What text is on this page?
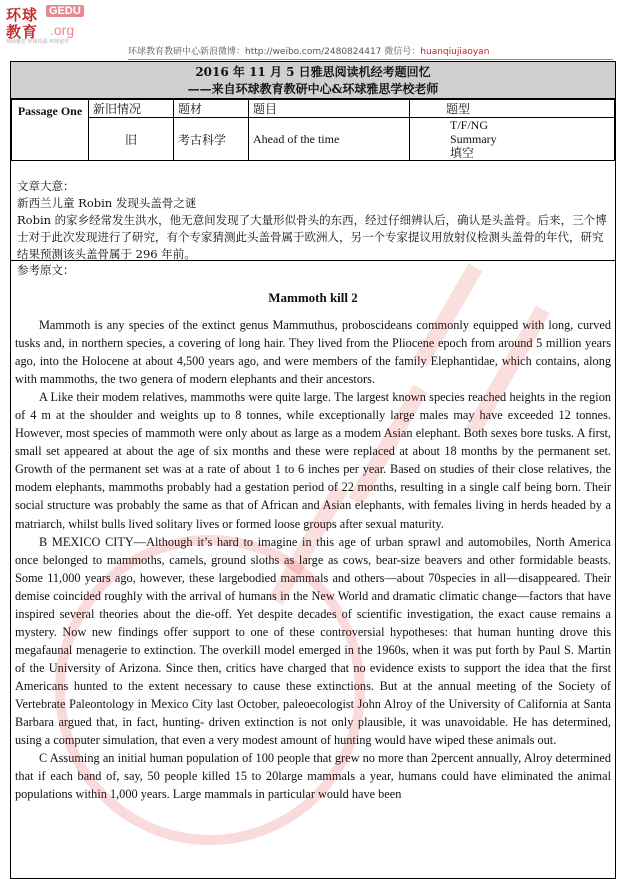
环球
教育
GEDU
.org
环球雅思 环球托福 环球留学
环球教育教研中心新浪微博：http://weibo.com/2480824417 微信号：huanqiujiaoyan
2016 年 11 月 5 日雅思阅读机经考题回忆
——来自环球教育教研中心&环球雅思学校老师
Passage One	新旧情况	题材	题目	题型
	旧	考古科学	Ahead of the time	T/F/NG
Summary
填空
文章大意：
新西兰儿童 Robin 发现头盖骨之谜
Robin 的家乡经常发生洪水，他无意间发现了大量形似骨头的东西，经过仔细辨认后，确认是头盖骨。后来，三个博士对于此次发现进行了研究，有个专家猜测此头盖骨属于欧洲人，另一个专家提议用放射仪检测头盖骨的年代，研究结果预测该头盖骨属于 296 年前。
参考原文：
Mammoth kill 2

Mammoth is any species of the extinct genus Mammuthus, proboscideans commonly equipped with long, curved tusks and, in northern species, a covering of long hair. They lived from the Pliocene epoch from around 5 million years ago, into the Holocene at about 4,500 years ago, and were members of the family Elephantidae, which contains, along with mammoths, the two genera of modern elephants and their ancestors.

A Like their modem relatives, mammoths were quite large. The largest known species reached heights in the region of 4 m at the shoulder and weights up to 8 tonnes, while exceptionally large males may have exceeded 12 tonnes. However, most species of mammoth were only about as large as a modem Asian elephant. Both sexes bore tusks. A first, small set appeared at about the age of six months and these were replaced at about 18 months by the permanent set. Growth of the permanent set was at a rate of about 1 to 6 inches per year. Based on studies of their close relatives, the modem elephants, mammoths probably had a gestation period of 22 months, resulting in a single calf being born. Their social structure was probably the same as that of African and Asian elephants, with females living in herds headed by a matriarch, whilst bulls lived solitary lives or formed loose groups after sexual maturity.

B MEXICO CITY—Although it’s hard to imagine in this age of urban sprawl and automobiles, North America once belonged to mammoths, camels, ground sloths as large as cows, bear-size beavers and other formidable beasts. Some 11,000 years ago, however, these largebodied mammals and others—about 70species in all—disappeared. Their demise coincided roughly with the arrival of humans in the New World and dramatic climatic change—factors that have inspired several theories about the die-off. Yet despite decades of scientific investigation, the exact cause remains a mystery. Now new findings offer support to one of these controversial hypotheses: that human hunting drove this megafaunal menagerie to extinction. The overkill model emerged in the 1960s, when it was put forth by Paul S. Martin of the University of Arizona. Since then, critics have charged that no evidence exists to support the idea that the first Americans hunted to the extent necessary to cause these extinctions. But at the annual meeting of the Society of Vertebrate Paleontology in Mexico City last October, paleoecologist John Alroy of the University of California at Santa Barbara argued that, in fact, hunting- driven extinction is not only plausible, it was unavoidable. He has determined, using a computer simulation, that even a very modest amount of hunting would have wiped these animals out.

C Assuming an initial human population of 100 people that grew no more than 2percent annually, Alroy determined that if each band of, say, 50 people killed 15 to 20large mammals a year, humans could have eliminated the animal populations within 1,000 years. Large mammals in particular would have been
